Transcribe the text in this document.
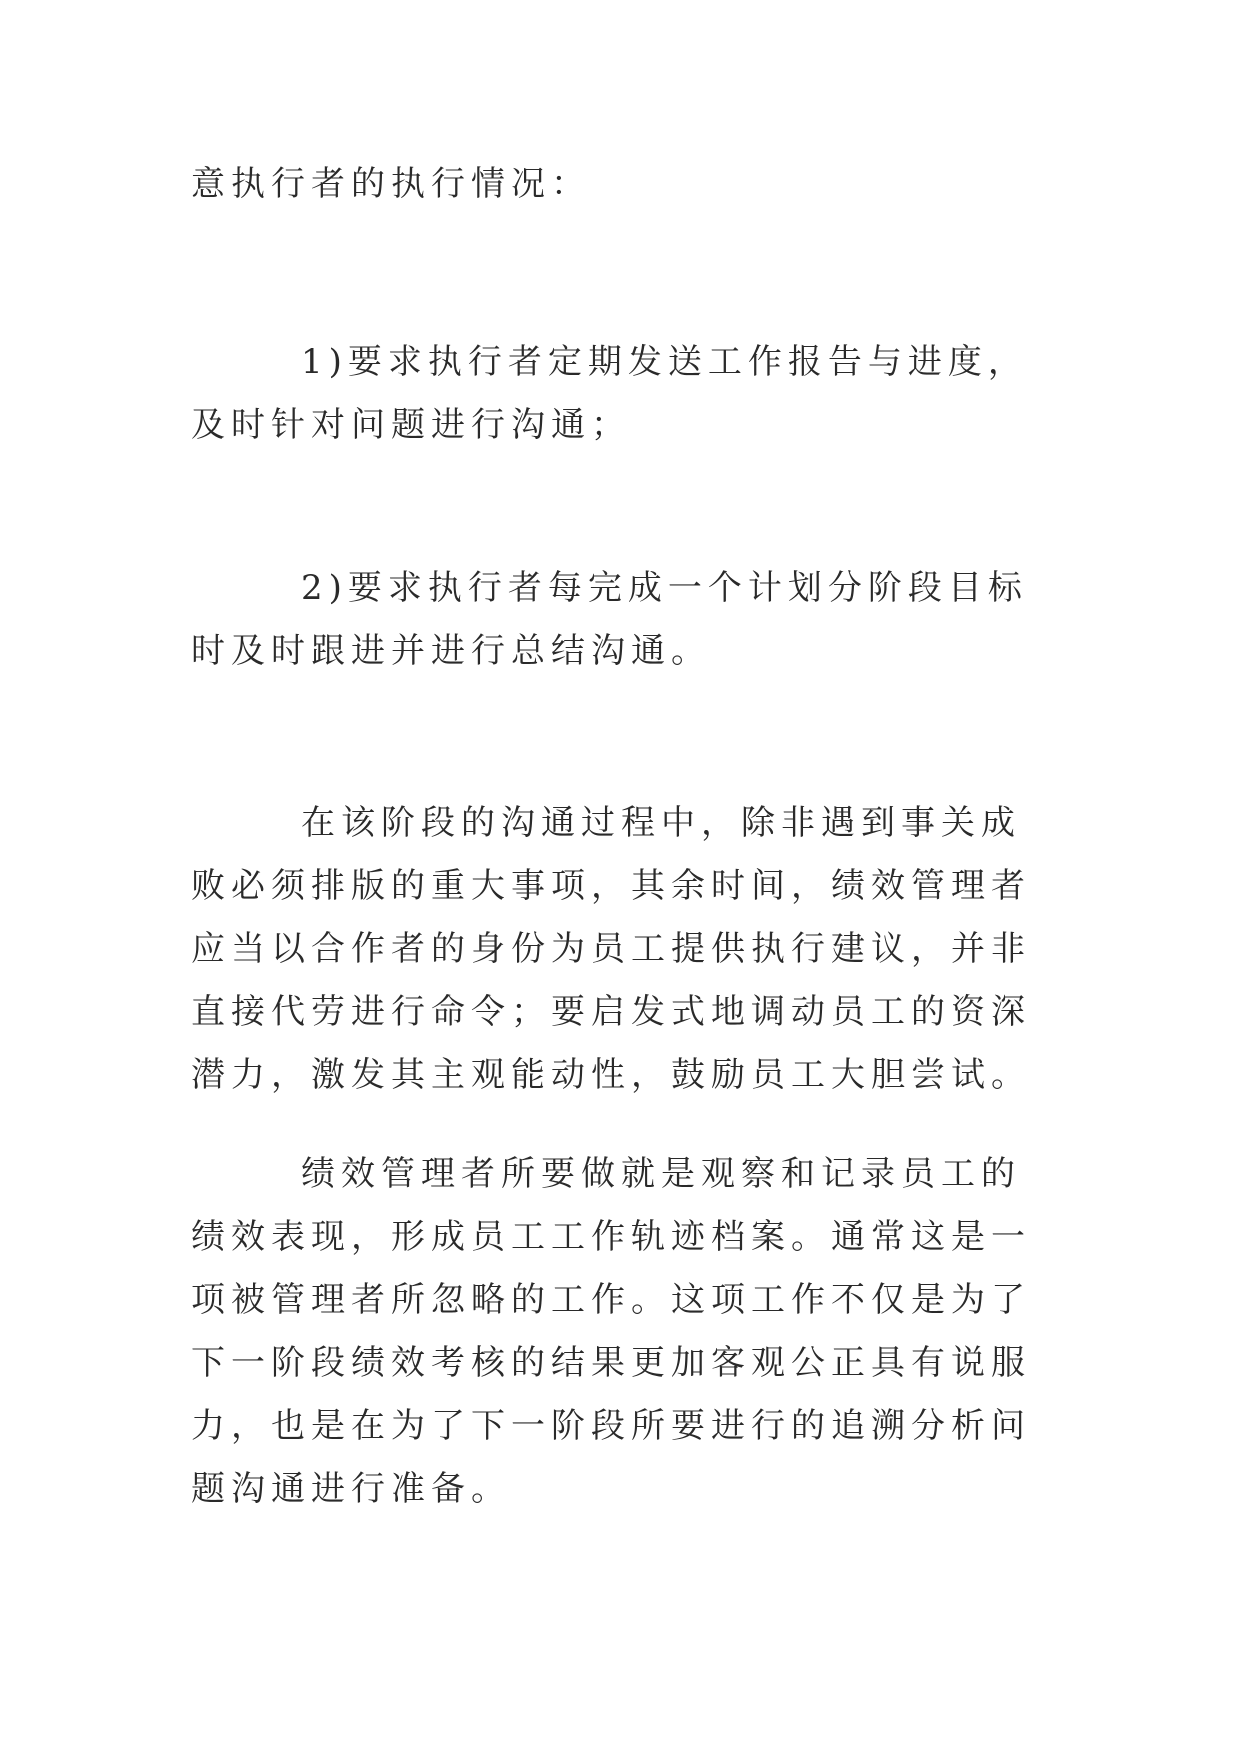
意执行者的执行情况：

1)要求执行者定期发送工作报告与进度，及时针对问题进行沟通；

2)要求执行者每完成一个计划分阶段目标时及时跟进并进行总结沟通。

在该阶段的沟通过程中，除非遇到事关成败必须排版的重大事项，其余时间，绩效管理者应当以合作者的身份为员工提供执行建议，并非直接代劳进行命令；要启发式地调动员工的资深潜力，激发其主观能动性，鼓励员工大胆尝试。

绩效管理者所要做就是观察和记录员工的绩效表现，形成员工工作轨迹档案。通常这是一项被管理者所忽略的工作。这项工作不仅是为了下一阶段绩效考核的结果更加客观公正具有说服力，也是在为了下一阶段所要进行的追溯分析问题沟通进行准备。
